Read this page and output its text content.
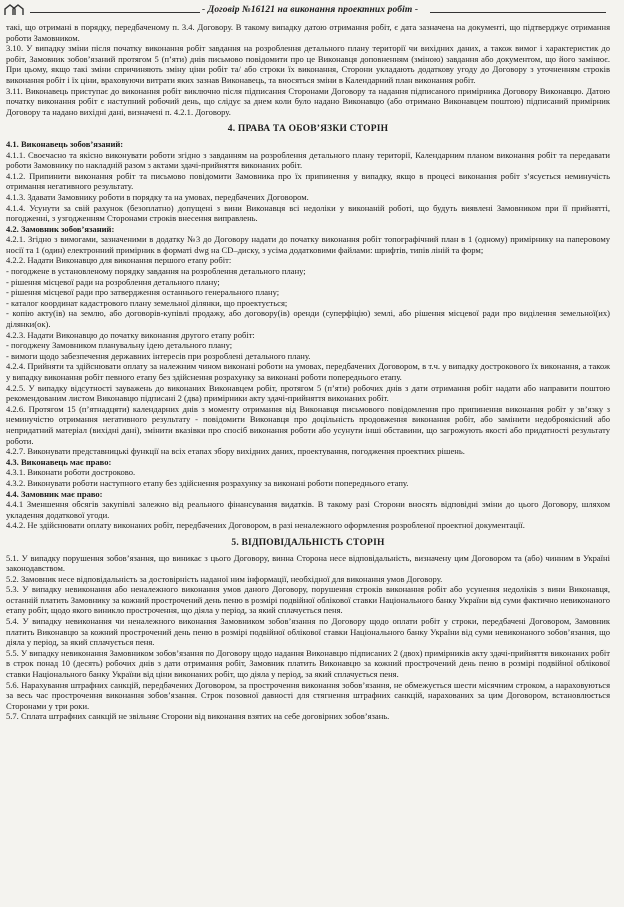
- Договір №16121 на виконання проектних робіт -

такі, що отримані в порядку, передбаченому п. 3.4. Договору. В такому випадку датою отримання робіт, є дата зазначена на документі, що підтверджує отримання роботи Замовником.

3.10. У випадку зміни після початку виконання робіт завдання на розроблення детального плану території чи вихідних даних, а також вимог і характеристик до робіт, Замовник зобов’язаний протягом 5 (п’яти) днів письмово повідомити про це Виконавця доповненням (зміною) завдання або документом, що його замінює. При цьому, якщо такі зміни спричиняють зміну ціни робіт та/ або строки їх виконання, Сторони укладають додаткову угоду до Договору з уточненням строків виконання робіт і їх ціни, враховуючи витрати яких зазнав Виконавець, та вносяться зміни в Календарний план виконання робіт.

3.11. Виконавець приступає до виконання робіт виключно після підписання Сторонами Договору та надання підписаного примірника Договору Виконавцю. Датою початку виконання робіт є наступний робочий день, що слідує за днем коли було надано Виконавцю (або отримано Виконавцем поштою) підписаний примірник Договору та надано вихідні дані, визначені п. 4.2.1. Договору.

4. ПРАВА ТА ОБОВ’ЯЗКИ СТОРІН

4.1. Виконавець зобов’язаний:

4.1.1. Своєчасно та якісно виконувати роботи згідно з завданням на розроблення детального плану території, Календарним планом виконання робіт та передавати роботи Замовнику по накладній разом з актами здачі-прийняття виконаних робіт.

4.1.2. Припинити виконання робіт та письмово повідомити Замовника про їх припинення у випадку, якщо в процесі виконання робіт з’ясується неминучість отримання негативного результату.

4.1.3. Здавати Замовнику роботи в порядку та на умовах, передбачених Договором.

4.1.4. Усунути за свій рахунок (безоплатно) допущені з вини Виконавця всі недоліки у виконаній роботі, що будуть виявлені Замовником при її прийнятті, погодженні, з узгодженням Сторонами строків внесення виправлень.

4.2. Замовник зобов’язаний:

4.2.1. Згідно з вимогами, зазначеними в додатку №3 до Договору надати до початку виконання робіт топографічний план в 1 (одному) примірнику на паперовому носії та 1 (один) електронний примірник в форматі dwg на CD–диску, з усіма додатковими файлами: шрифтів, типів ліній та форм;

4.2.2. Надати Виконавцю для виконання першого етапу робіт:

- погоджене в установленому порядку завдання на розроблення детального плану;

- рішення місцевої ради на розроблення детального плану;

- рішення місцевої ради про затвердження останнього генерального плану;

- каталог координат кадастрового плану земельної ділянки, що проектується;

- копію акту(ів) на землю, або договорів-купівлі продажу, або договору(ів) оренди (суперфіцію) землі, або рішення місцевої ради про виділення земельної(их) ділянки(ок).

4.2.3. Надати Виконавцю до початку виконання другого етапу робіт:

- погоджену Замовником планувальну ідею детального плану;

- вимоги щодо забезпечення державних інтересів при розроблені детального плану.

4.2.4. Прийняти та здійснювати оплату за належним чином виконані роботи на умовах, передбачених Договором, в т.ч. у випадку дострокового їх виконання, а також у випадку виконання робіт певного етапу без здійснення розрахунку за виконані роботи попереднього етапу.

4.2.5. У випадку відсутності зауважень до виконаних Виконавцем робіт, протягом 5 (п’яти) робочих днів з дати отримання робіт надати або направити поштою рекомендованим листом Виконавцю підписані 2 (два) примірники акту здачі-прийняття виконаних робіт.

4.2.6. Протягом 15 (п’ятнадцяти) календарних днів з моменту отримання від Виконавця письмового повідомлення про припинення виконання робіт у зв’язку з неминучістю отримання негативного результату - повідомити Виконавця про доцільність продовження виконання робіт, або замінити недоброякісний або непридатний матеріал (вихідні дані), змінити вказівки про спосіб виконання роботи або усунути інші обставини, що загрожують якості або придатності результату роботи.

4.2.7. Виконувати представницькі функції на всіх етапах збору вихідних даних, проектування, погодження проектних рішень.

4.3. Виконавець має право:

4.3.1. Виконати роботи достроково.

4.3.2. Виконувати роботи наступного етапу без здійснення розрахунку за виконані роботи попереднього етапу.

4.4. Замовник має право:

4.4.1 Зменшення обсягів закупівлі залежно від реального фінансування видатків. В такому разі Сторони вносять відповідні зміни до цього Договору, шляхом укладення додаткової угоди.

4.4.2. Не здійснювати оплату виконаних робіт, передбачених Договором, в разі неналежного оформлення розробленої проектної документації.

5. ВІДПОВІДАЛЬНІСТЬ СТОРІН

5.1. У випадку порушення зобов’язання, що виникає з цього Договору, винна Сторона несе відповідальність, визначену цим Договором та (або) чинним в Україні законодавством.

5.2. Замовник несе відповідальність за достовірність наданої ним інформації, необхідної для виконання умов Договору.

5.3. У випадку невиконання або неналежного виконання умов даного Договору, порушення строків виконання робіт або усунення недоліків з вини Виконавця, останній платить Замовнику за кожний прострочений день пеню в розмірі подвійної облікової ставки Національного банку України від суми фактично невиконаного етапу робіт, щодо якого виникло прострочення, що діяла у період, за який сплачується пеня.

5.4. У випадку невиконання чи неналежного виконання Замовником зобов’язання по Договору щодо оплати робіт у строки, передбачені Договором, Замовник платить Виконавцю за кожний прострочений день пеню в розмірі подвійної облікової ставки Національного банку України від суми невиконаного зобов’язання, що діяла у період, за який сплачується пеня.

5.5. У випадку невиконання Замовником зобов’язання по Договору щодо надання Виконавцю підписаних 2 (двох) примірників акту здачі-прийняття виконаних робіт в строк понад 10 (десять) робочих днів з дати отримання робіт, Замовник платить Виконавцю за кожний прострочений день пеню в розмірі подвійної облікової ставки Національного банку України від ціни виконаних робіт, що діяла у період, за який сплачується пеня.

5.6. Нарахування штрафних санкцій, передбачених Договором, за прострочення виконання зобов’язання, не обмежується шести місячним строком, а нараховуються за весь час прострочення виконання зобов’язання. Строк позовної давності для стягнення штрафних санкцій, нарахованих за цим Договором, встановлюється Сторонами у три роки.

5.7. Сплата штрафних санкцій не звільняє Сторони від виконання взятих на себе договірних зобов’язань.
